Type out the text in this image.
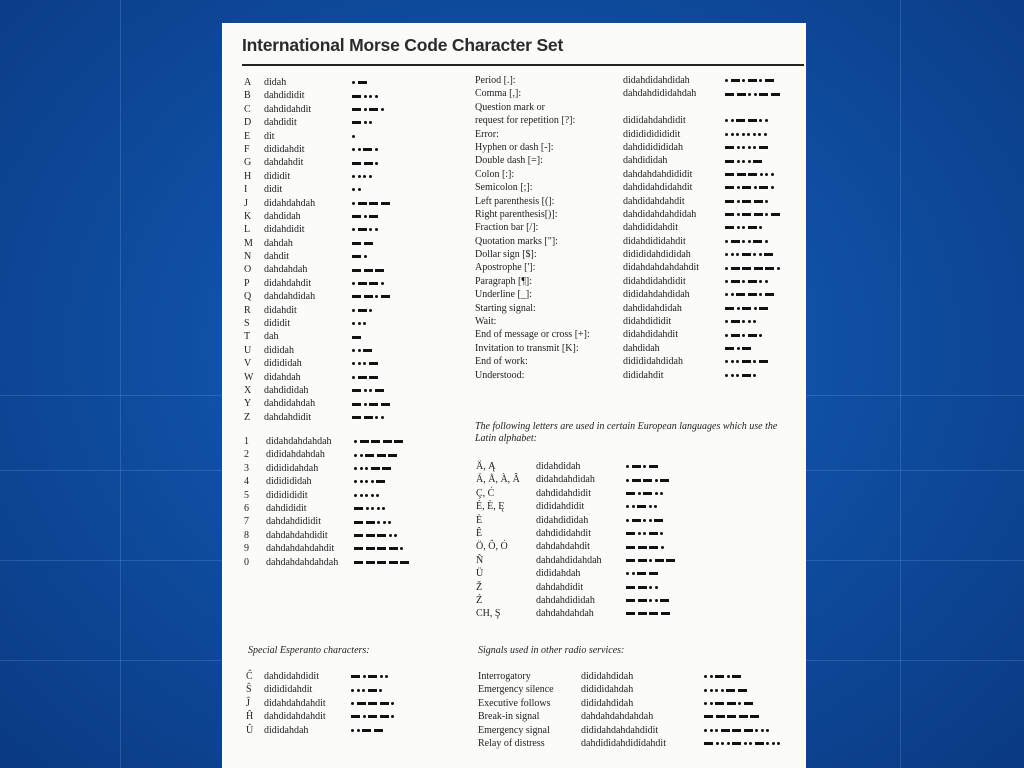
International Morse Code Character Set
A didah
B dahdididit
C dahdidahdit
D dahdidit
E dit
F dididahdit
G dahdahdit
H dididit
I didit
J didahdahdah
K dahdidah
L didahdidit
M dahdah
N dahdit
O dahdahdah
P didahdahdit
Q dahdahdidah
R didahdit
S dididit
T dah
U dididah
V didididah
W didahdah
X dahdididah
Y dahdidahdah
Z dahdahdidit
1 didahdahdahdah
2 dididahdahdah
3 didididahdah
4 dididididah
5 dididididit
6 dahdididit
7 dahdahdididit
8 dahdahdahdidit
9 dahdahdahdahdit
0 dahdahdahdahdah
Period [.]:	didahdidahdidah
Comma [,]:	dahdahdididahdah
Question mark or
request for repetition [?]:	dididahdahdidit
Error:	dididididididit
Hyphen or dash [-]:	dahdididididah
Double dash [=]:	dahdididah
Colon [:]:	dahdahdahdididit
Semicolon [;]:	dahdidahdidahdit
Left parenthesis [(]:	dahdidahdahdit
Right parenthesis[)]:	dahdidahdahdidah
Fraction bar [/]:	dahdididahdit
Quotation marks ["]:	didahdididahdit
Dollar sign [$]:	didididahdididah
Apostrophe [']:	didahdahdahdahdit
Paragraph [¶]:	didahdidahdidit
Underline [_]:	dididahdahdidah
Starting signal:	dahdidahdidah
Wait:	didahdididit
End of message or cross [+]:	didahdidahdit
Invitation to transmit [K]:	dahdidah
End of work:	didididahdidah
Understood:	dididahdit
The following letters are used in certain European languages which use the Latin alphabet:
Ä, Ą	didahdidah
Á, Å, À, Â didahdahdidah
Ç, Ć	dahdidahdidit
É, È, Ę	dididahdidit
È	didahdididah
Ê	dahdididahdit
Ö, Ô, Ó	dahdahdahdit
Ñ	dahdahdidahdah
Ü	dididahdah
Ž	dahdahdidit
Ź	dahdahdididah
CH, Ş	dahdahdahdah
Special Esperanto characters:
Ĉ dahdidahdidit
Ŝ didididahdit
Ĵ didahdahdahdit
Ĥ dahdidahdahdit
Û dididahdah
Signals used in other radio services:
Interrogatory	dididahdidah
Emergency silence	didididahdah
Executive follows	dididahdidah
Break-in signal	dahdahdahdahdah
Emergency signal	dididahdahdahdidit
Relay of distress	dahdididahdididahdit
